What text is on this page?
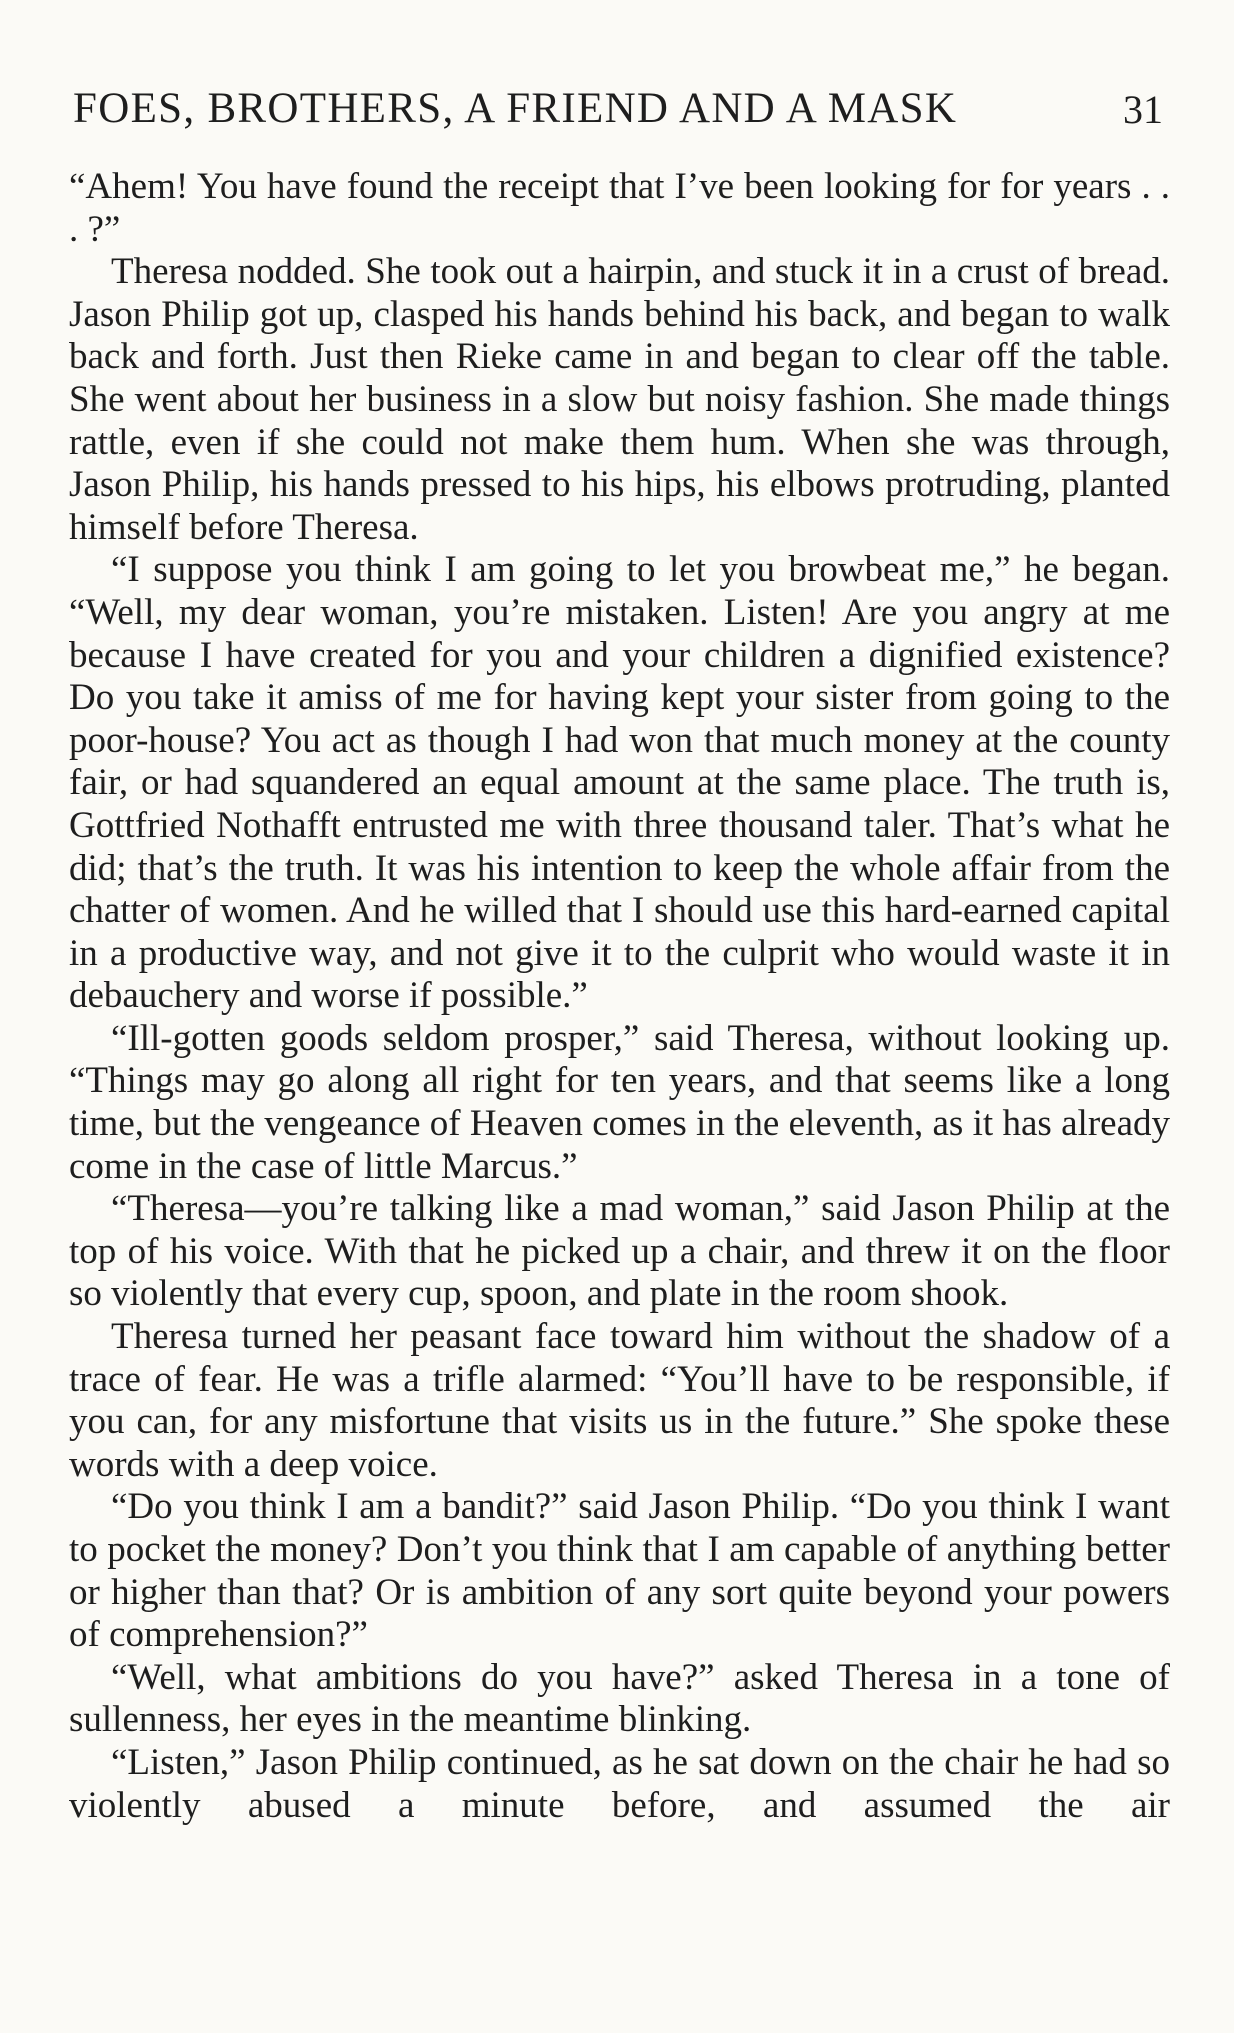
FOES, BROTHERS, A FRIEND AND A MASK	31

“Ahem! You have found the receipt that I’ve been looking for for years . . . ?”

Theresa nodded. She took out a hairpin, and stuck it in a crust of bread. Jason Philip got up, clasped his hands behind his back, and began to walk back and forth. Just then Rieke came in and began to clear off the table. She went about her business in a slow but noisy fashion. She made things rattle, even if she could not make them hum. When she was through, Jason Philip, his hands pressed to his hips, his elbows protruding, planted himself before Theresa.

“I suppose you think I am going to let you browbeat me,” he began. “Well, my dear woman, you’re mistaken. Listen! Are you angry at me because I have created for you and your children a dignified existence? Do you take it amiss of me for having kept your sister from going to the poor-house? You act as though I had won that much money at the county fair, or had squandered an equal amount at the same place. The truth is, Gottfried Nothafft entrusted me with three thousand taler. That’s what he did; that’s the truth. It was his intention to keep the whole affair from the chatter of women. And he willed that I should use this hard-earned capital in a productive way, and not give it to the culprit who would waste it in debauchery and worse if possible.”

“Ill-gotten goods seldom prosper,” said Theresa, without looking up. “Things may go along all right for ten years, and that seems like a long time, but the vengeance of Heaven comes in the eleventh, as it has already come in the case of little Marcus.”

“Theresa—you’re talking like a mad woman,” said Jason Philip at the top of his voice. With that he picked up a chair, and threw it on the floor so violently that every cup, spoon, and plate in the room shook.

Theresa turned her peasant face toward him without the shadow of a trace of fear. He was a trifle alarmed: “You’ll have to be responsible, if you can, for any misfortune that visits us in the future.” She spoke these words with a deep voice.

“Do you think I am a bandit?” said Jason Philip. “Do you think I want to pocket the money? Don’t you think that I am capable of anything better or higher than that? Or is ambition of any sort quite beyond your powers of comprehension?”

“Well, what ambitions do you have?” asked Theresa in a tone of sullenness, her eyes in the meantime blinking.

“Listen,” Jason Philip continued, as he sat down on the chair he had so violently abused a minute before, and assumed the air
